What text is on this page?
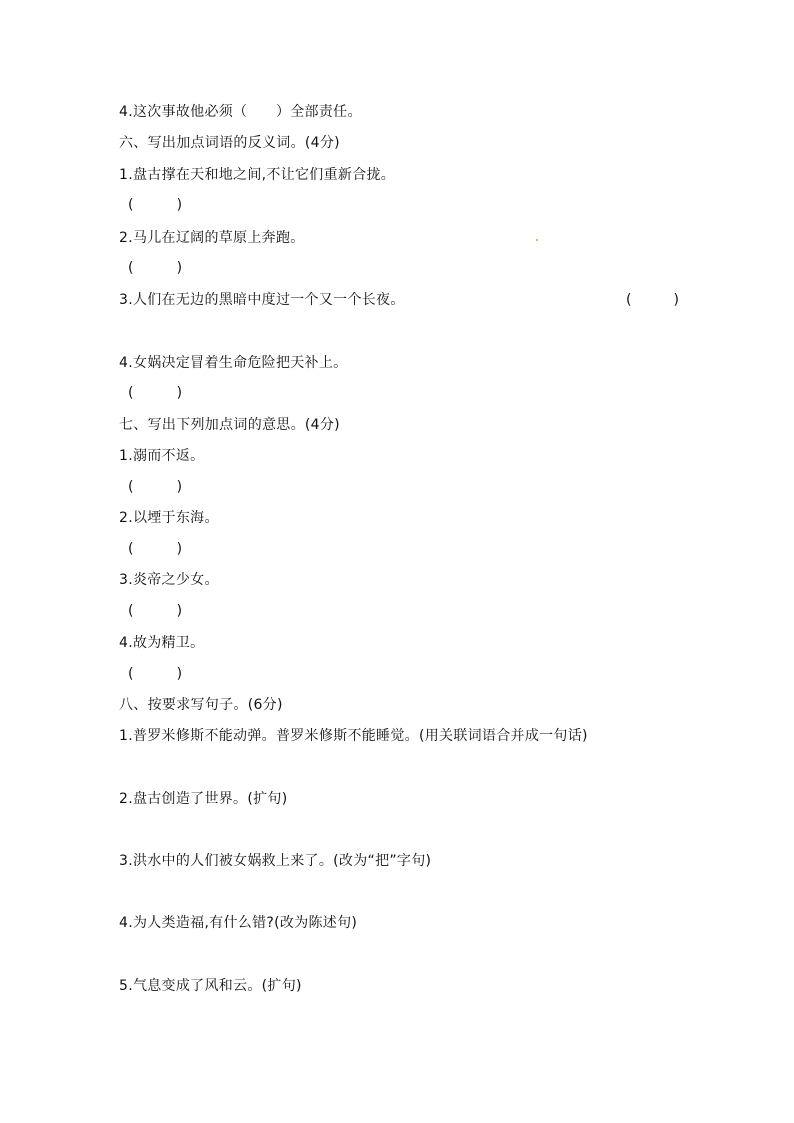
4.这次事故他必须（　　）全部责任。
六、写出加点词语的反义词。(4分)
1.盘古撑在天和地之间,不让它们重新合拢。
(　　　)
2.马儿在辽阔的草原上奔跑。
(　　　)
3.人们在无边的黑暗中度过一个又一个长夜。	(　　　)
4.女娲决定冒着生命危险把天补上。
(　　　)
七、写出下列加点词的意思。(4分)
1.溺而不返。
(　　　)
2.以堙于东海。
(　　　)
3.炎帝之少女。
(　　　)
4.故为精卫。
(　　　)
八、按要求写句子。(6分)
1.普罗米修斯不能动弹。普罗米修斯不能睡觉。(用关联词语合并成一句话)
2.盘古创造了世界。(扩句)
3.洪水中的人们被女娲救上来了。(改为“把”字句)
4.为人类造福,有什么错?(改为陈述句)
5.气息变成了风和云。(扩句)
